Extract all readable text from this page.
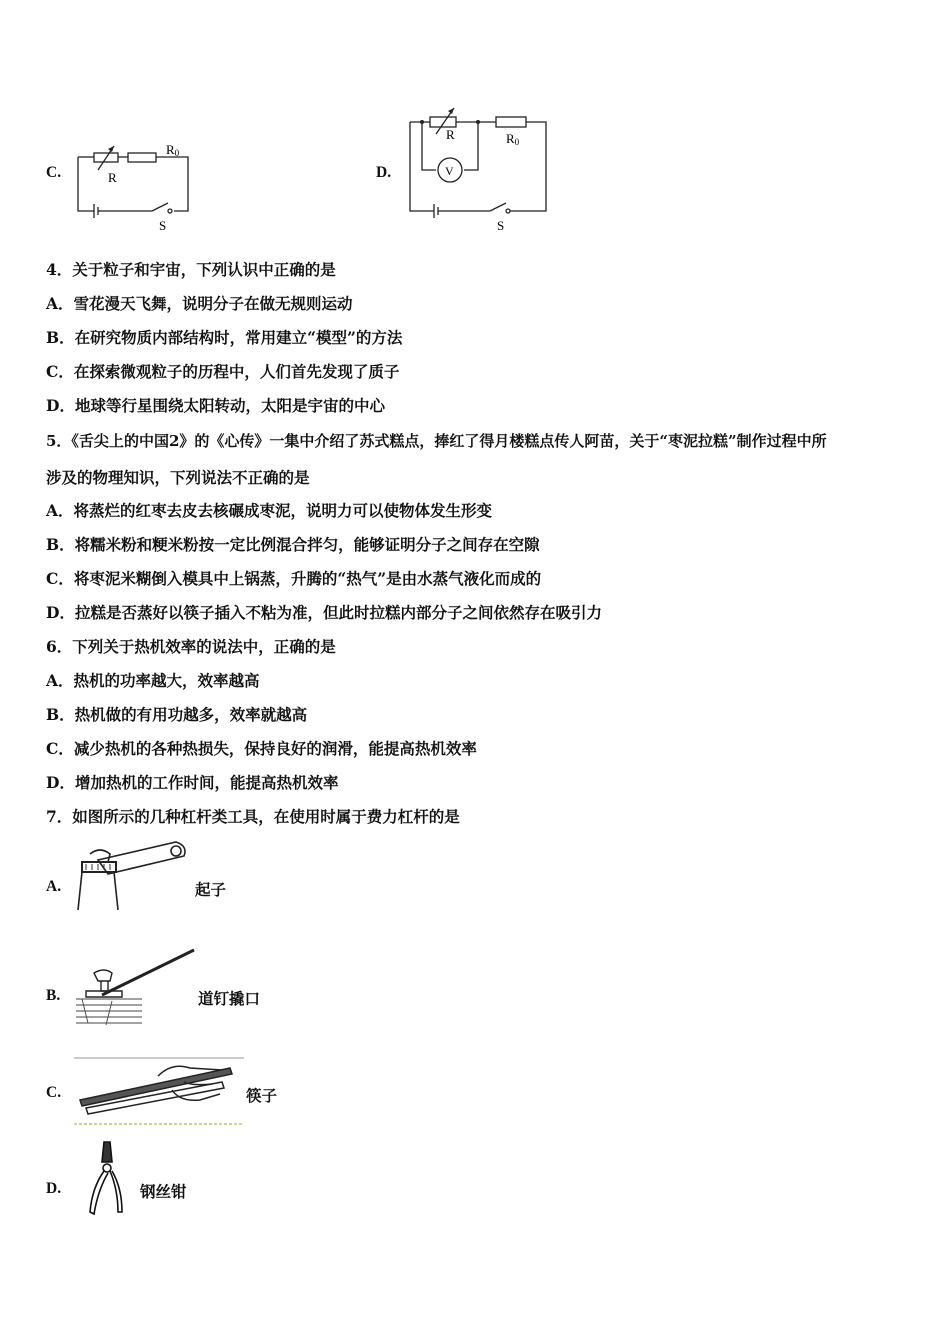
C.	R
R0
S
D.
R	R0
V
S
4．关于粒子和宇宙，下列认识中正确的是
A．雪花漫天飞舞，说明分子在做无规则运动
B．在研究物质内部结构时，常用建立“模型”的方法
C．在探索微观粒子的历程中，人们首先发现了质子
D．地球等行星围绕太阳转动，太阳是宇宙的中心
5．《舌尖上的中国2》的《心传》一集中介绍了苏式糕点，捧红了得月楼糕点传人阿苗，关于“枣泥拉糕”制作过程中所
涉及的物理知识，下列说法不正确的是
A．将蒸烂的红枣去皮去核碾成枣泥，说明力可以使物体发生形变
B．将糯米粉和粳米粉按一定比例混合拌匀，能够证明分子之间存在空隙
C．将枣泥米糊倒入模具中上锅蒸，升腾的“热气”是由水蒸气液化而成的
D．拉糕是否蒸好以筷子插入不粘为准，但此时拉糕内部分子之间依然存在吸引力
6．下列关于热机效率的说法中，正确的是
A．热机的功率越大，效率越高
B．热机做的有用功越多，效率就越高
C．减少热机的各种热损失，保持良好的润滑，能提高热机效率
D．增加热机的工作时间，能提高热机效率
7．如图所示的几种杠杆类工具，在使用时属于费力杠杆的是
A.	起子
B.	道钉撬口
C.	筷子
D.	钢丝钳
